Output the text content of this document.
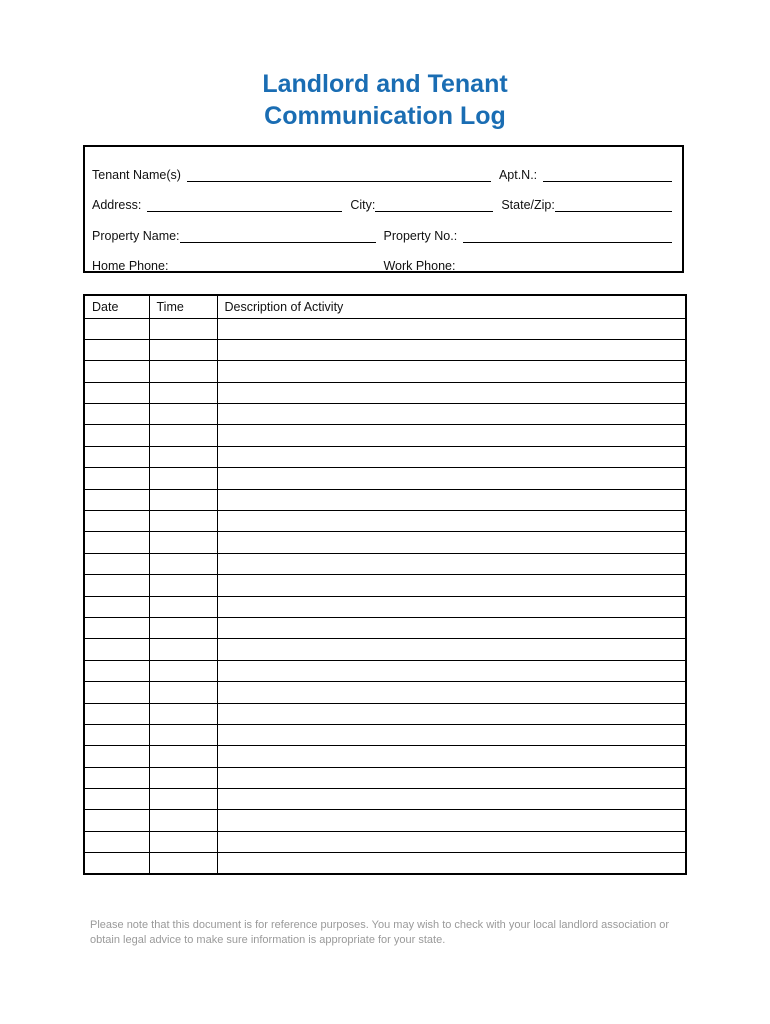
Landlord and Tenant
Communication Log
Tenant Name(s)	Apt.N.:
Address:	City:	State/Zip:
Property Name:	Property No.:
Home Phone:	Work Phone:
Date	Time	Description of Activity

Please note that this document is for reference purposes. You may wish to check with your local landlord association or obtain legal advice to make sure information is appropriate for your state.
